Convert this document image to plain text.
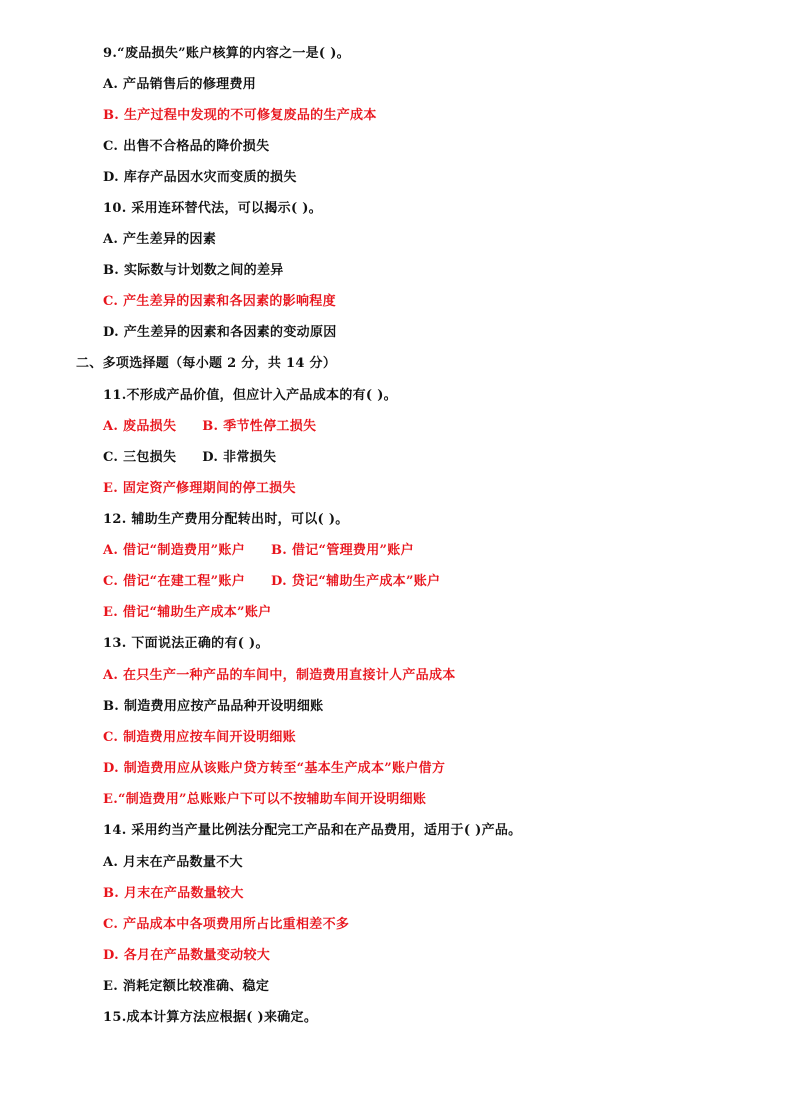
9.“废品损失”账户核算的内容之一是( )。
A. 产品销售后的修理费用
B. 生产过程中发现的不可修复废品的生产成本
C. 出售不合格品的降价损失
D. 库存产品因水灾而变质的损失
10. 采用连环替代法，可以揭示( )。
A. 产生差异的因素
B. 实际数与计划数之间的差异
C. 产生差异的因素和各因素的影响程度
D. 产生差异的因素和各因素的变动原因
二、多项选择题（每小题 2 分，共 14 分）
11.不形成产品价值，但应计入产品成本的有( )。
A. 废品损失 B. 季节性停工损失
C. 三包损失 D. 非常损失
E. 固定资产修理期间的停工损失
12. 辅助生产费用分配转出时，可以( )。
A. 借记“制造费用”账户 B. 借记“管理费用”账户
C. 借记“在建工程”账户 D. 贷记“辅助生产成本”账户
E. 借记“辅助生产成本”账户
13. 下面说法正确的有( )。
A. 在只生产一种产品的车间中，制造费用直接计人产品成本
B. 制造费用应按产品品种开设明细账
C. 制造费用应按车间开设明细账
D. 制造费用应从该账户贷方转至“基本生产成本”账户借方
E.“制造费用”总账账户下可以不按辅助车间开设明细账
14. 采用约当产量比例法分配完工产品和在产品费用，适用于( )产品。
A. 月末在产品数量不大
B. 月末在产品数量较大
C. 产品成本中各项费用所占比重相差不多
D. 各月在产品数量变动较大
E. 消耗定额比较准确、稳定
15.成本计算方法应根据( )来确定。
